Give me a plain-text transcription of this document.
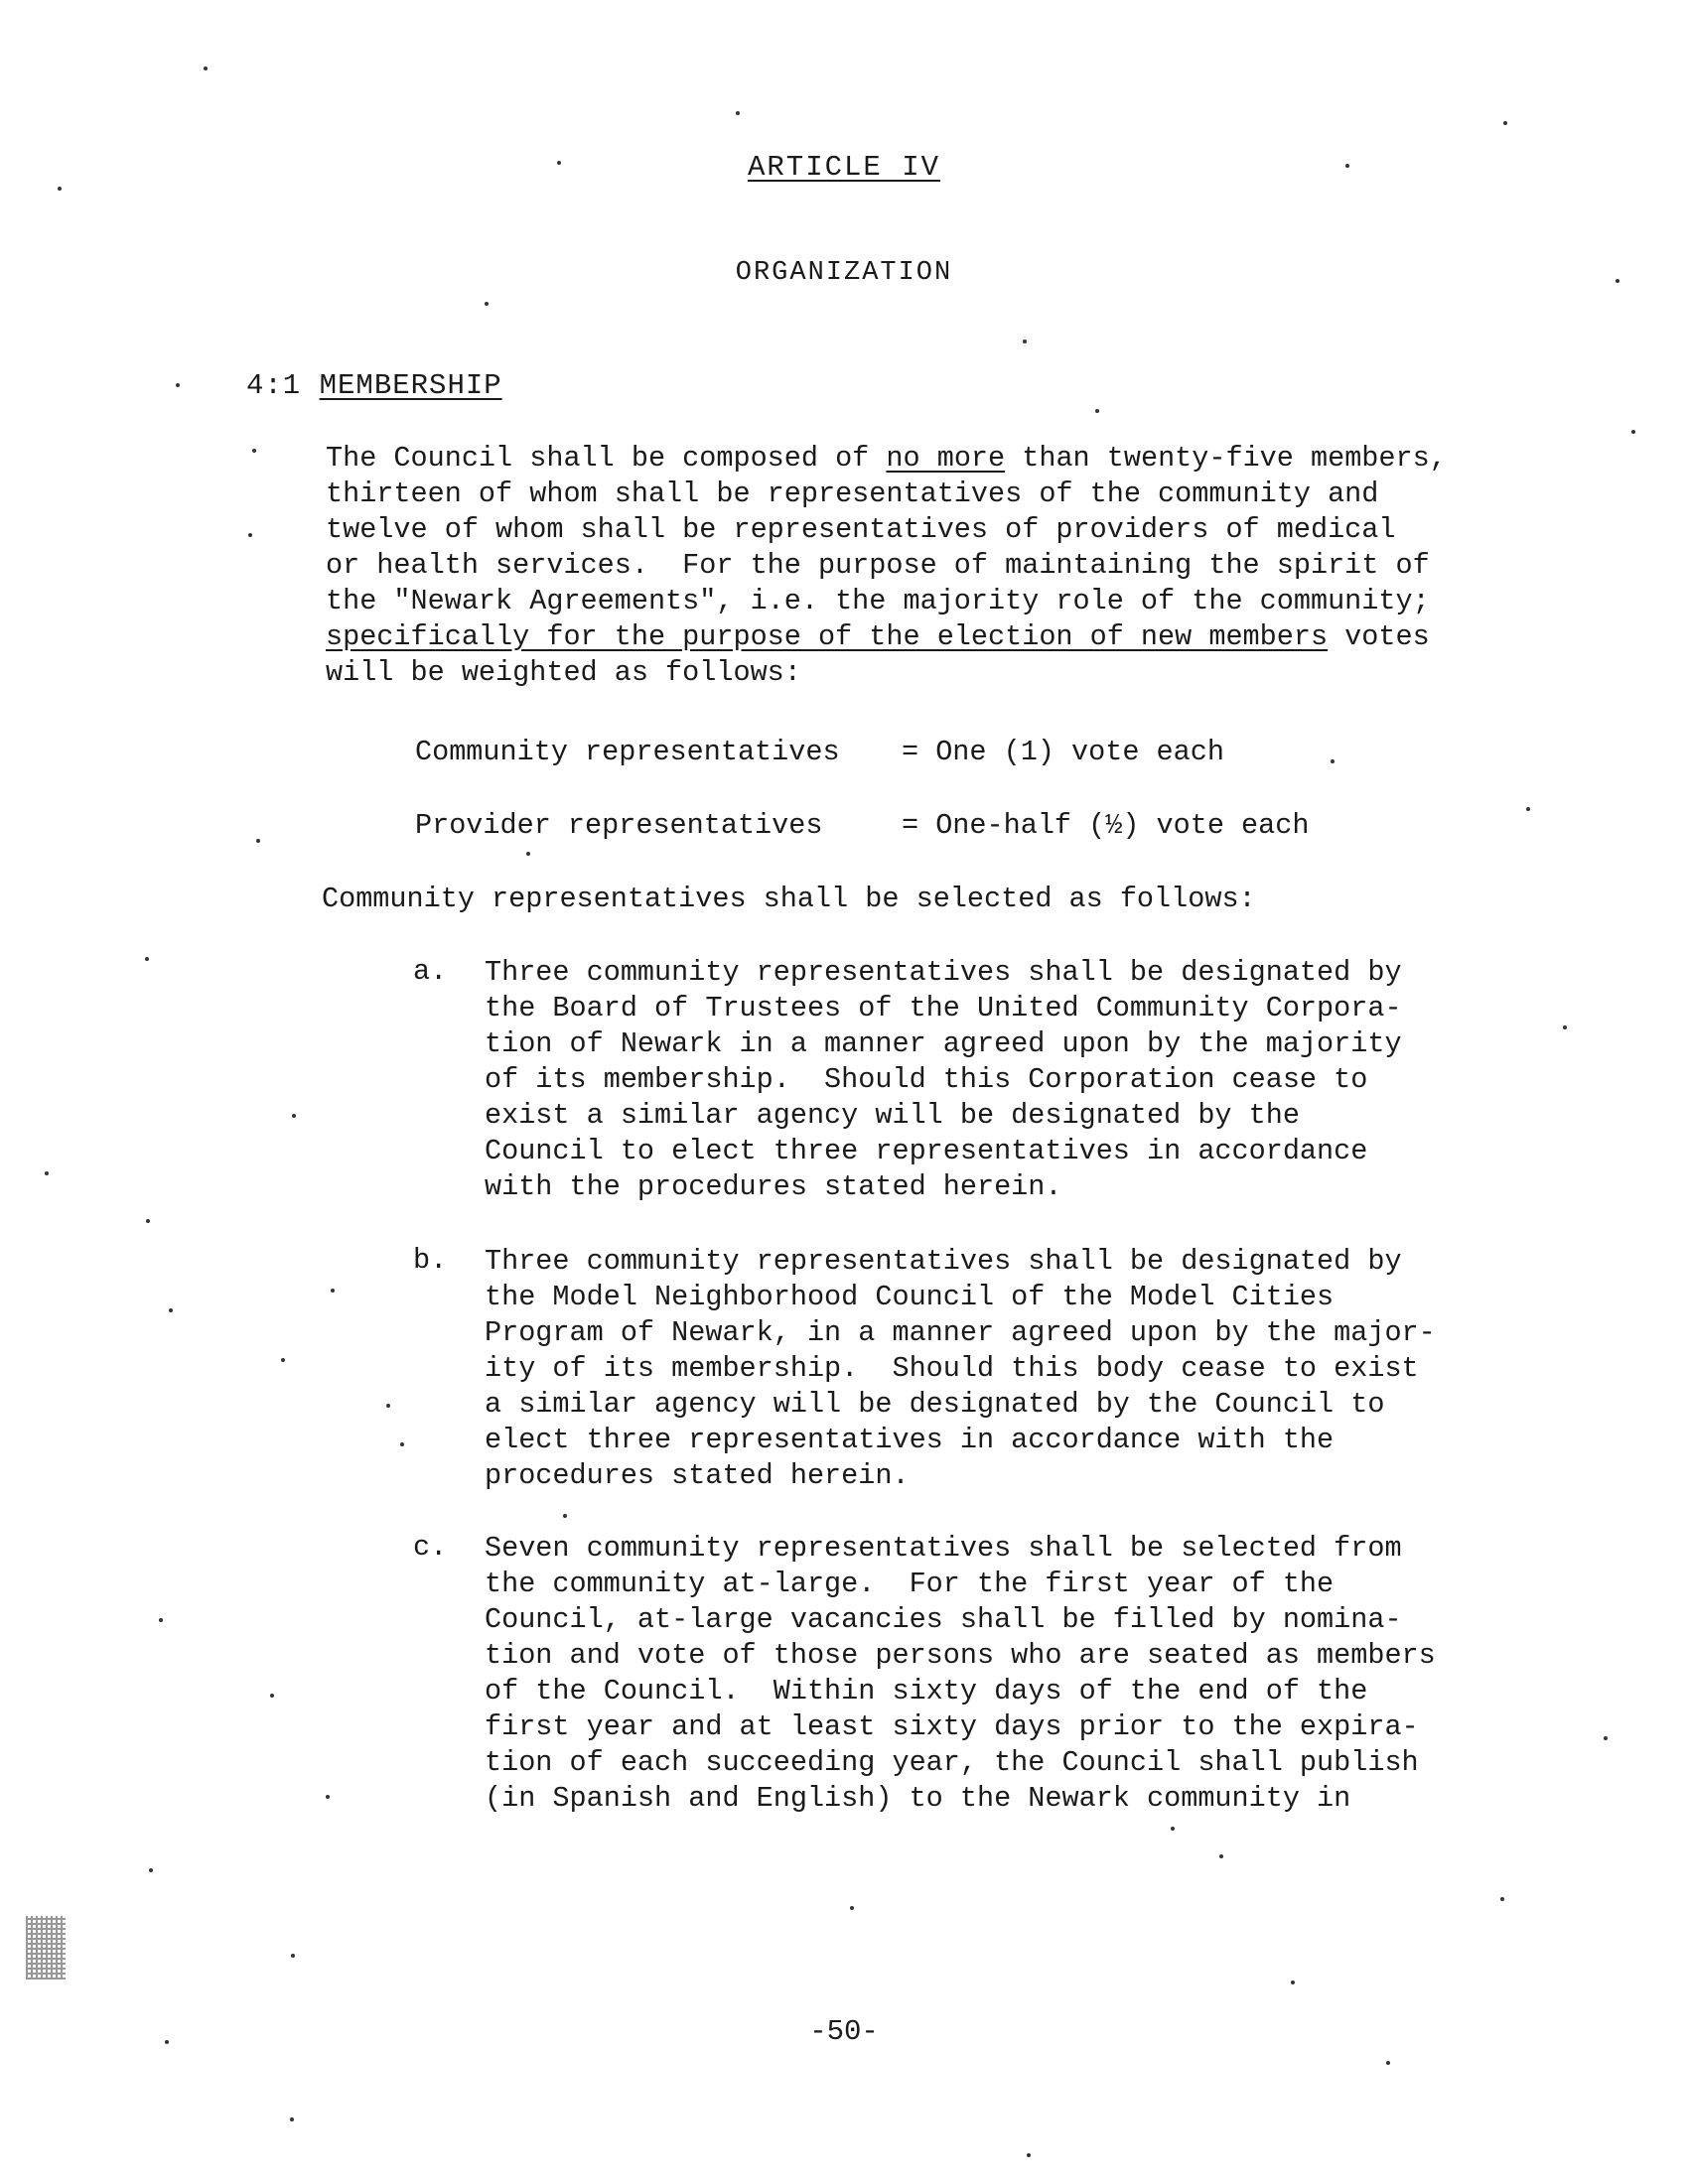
ARTICLE IV
ORGANIZATION
4:1 MEMBERSHIP
The Council shall be composed of no more than twenty-five members,
thirteen of whom shall be representatives of the community and
twelve of whom shall be representatives of providers of medical
or health services.  For the purpose of maintaining the spirit of
the "Newark Agreements", i.e. the majority role of the community;
specifically for the purpose of the election of new members votes
will be weighted as follows:
Community representatives = One (1) vote each
Provider representatives	= One-half (½) vote each
Community representatives shall be selected as follows:
a. Three community representatives shall be designated by
the Board of Trustees of the United Community Corpora-
tion of Newark in a manner agreed upon by the majority
of its membership.  Should this Corporation cease to
exist a similar agency will be designated by the
Council to elect three representatives in accordance
with the procedures stated herein.
b. Three community representatives shall be designated by
the Model Neighborhood Council of the Model Cities
Program of Newark, in a manner agreed upon by the major-
ity of its membership.  Should this body cease to exist
a similar agency will be designated by the Council to
elect three representatives in accordance with the
procedures stated herein.
c. Seven community representatives shall be selected from
the community at-large.  For the first year of the
Council, at-large vacancies shall be filled by nomina-
tion and vote of those persons who are seated as members
of the Council.  Within sixty days of the end of the
first year and at least sixty days prior to the expira-
tion of each succeeding year, the Council shall publish
(in Spanish and English) to the Newark community in
-50-
